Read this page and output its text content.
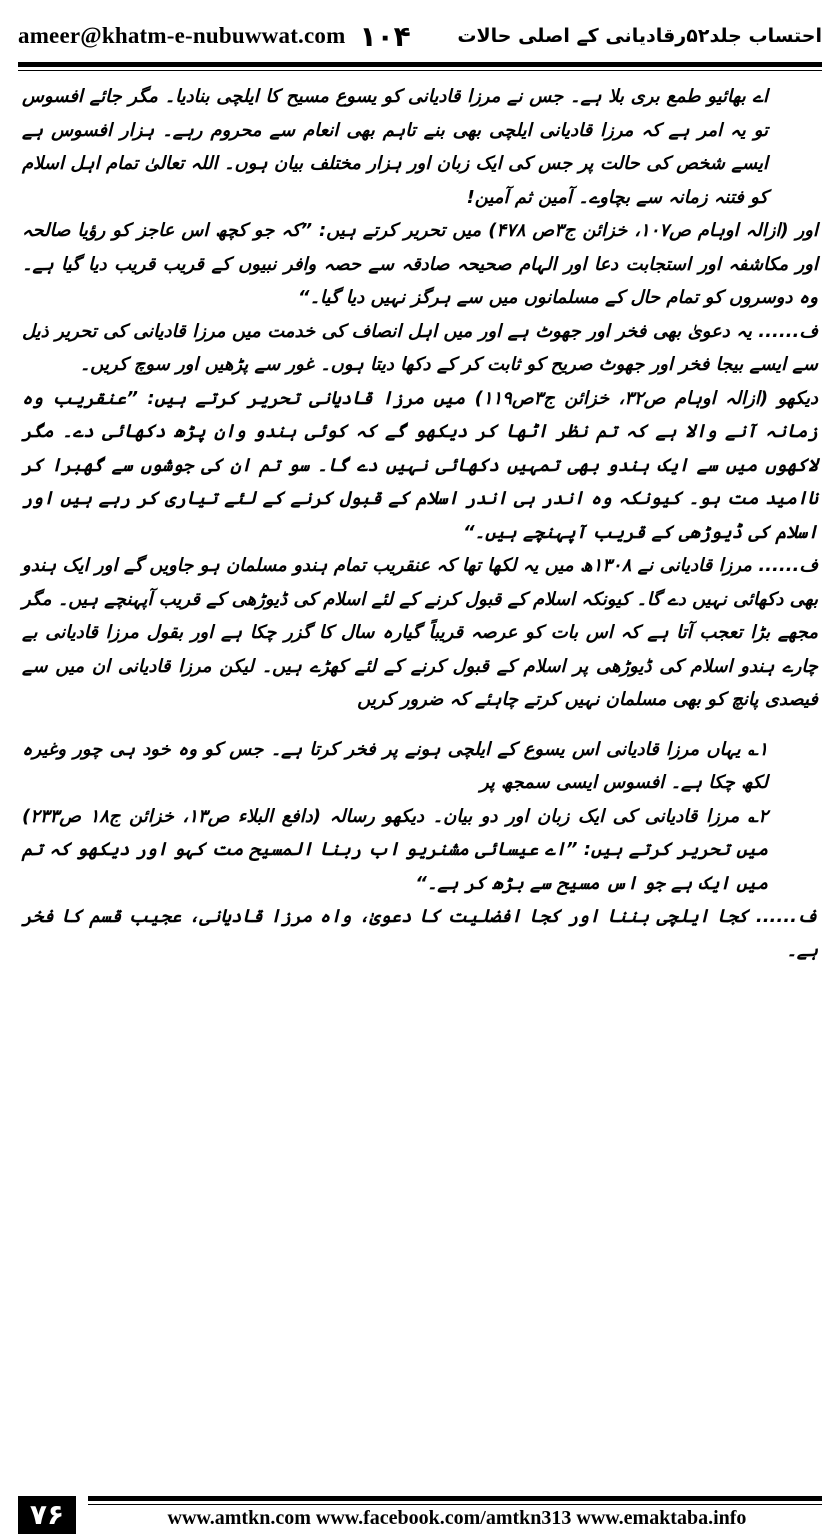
ameer@khatm-e-nubuwwat.com ۱۰۴ احتساب جلد۵۲رقادیانی کے اصلی حالات

اے بھائیو طمع بری بلا ہے۔ جس نے مرزا قادیانی کو یسوع مسیح کا ایلچی بنادیا۔ مگر جائے افسوس تو یہ امر ہے کہ مرزا قادیانی ایلچی بھی بنے تاہم بھی انعام سے محروم رہے۔ ہزار افسوس ہے ایسے شخص کی حالت پر جس کی ایک زبان اور ہزار مختلف بیان ہوں۔ اللہ تعالیٰ تمام اہل اسلام کو فتنہ زمانہ سے بچاوے۔ آمین ثم آمین!

اور (ازالہ اوہام ص۱۰۷، خزائن ج۳ص ۴۷۸) میں تحریر کرتے ہیں: ”کہ جو کچھ اس عاجز کو رؤیا صالحہ اور مکاشفہ اور استجابت دعا اور الہام صحیحہ صادقہ سے حصہ وافر نبیوں کے قریب قریب دیا گیا ہے۔ وہ دوسروں کو تمام حال کے مسلمانوں میں سے ہرگز نہیں دیا گیا۔“

ف...... یہ دعویٰ بھی فخر اور جھوٹ ہے اور میں اہل انصاف کی خدمت میں مرزا قادیانی کی تحریر ذیل سے ایسے بیجا فخر اور جھوٹ صریح کو ثابت کر کے دکھا دیتا ہوں۔ غور سے پڑھیں اور سوچ کریں۔

دیکھو (ازالہ اوہام ص۳۲، خزائن ج۳ص۱۱۹) میں مرزا قادیانی تحریر کرتے ہیں: ”عنقریب وہ زمانہ آنے والا ہے کہ تم نظر اٹھا کر دیکھو گے کہ کوئی ہندو وان پڑھ دکھائی دے۔ مگر لاکھوں میں سے ایک ہندو بھی تمہیں دکھائی نہیں دے گا۔ سو تم ان کی جوشوں سے گھبرا کر ناامید مت ہو۔ کیونکہ وہ اندر ہی اندر اسلام کے قبول کرنے کے لئے تیاری کر رہے ہیں اور اسلام کی ڈیوڑھی کے قریب آپہنچے ہیں۔“

ف...... مرزا قادیانی نے ۱۳۰۸ھ میں یہ لکھا تھا کہ عنقریب تمام ہندو مسلمان ہو جاویں گے اور ایک ہندو بھی دکھائی نہیں دے گا۔ کیونکہ اسلام کے قبول کرنے کے لئے اسلام کی ڈیوڑھی کے قریب آپہنچے ہیں۔ مگر مجھے بڑا تعجب آتا ہے کہ اس بات کو عرصہ قریباً گیارہ سال کا گزر چکا ہے اور بقول مرزا قادیانی بے چارے ہندو اسلام کی ڈیوڑھی پر اسلام کے قبول کرنے کے لئے کھڑے ہیں۔ لیکن مرزا قادیانی ان میں سے فیصدی پانچ کو بھی مسلمان نہیں کرتے چاہئے کہ ضرور کریں

۱؎ یہاں مرزا قادیانی اس یسوع کے ایلچی ہونے پر فخر کرتا ہے۔ جس کو وہ خود ہی چور وغیرہ لکھ چکا ہے۔ افسوس ایسی سمجھ پر

۲؎ مرزا قادیانی کی ایک زبان اور دو بیان۔ دیکھو رسالہ (دافع البلاء ص۱۳، خزائن ج۱۸ ص۲۳۳) میں تحریر کرتے ہیں: ”اے عیسائی مشنریو اب ربنا المسیح مت کہو اور دیکھو کہ تم میں ایک ہے جو اس مسیح سے بڑھ کر ہے۔“

ف...... کجا ایلچی بننا اور کجا افضلیت کا دعویٰ، واہ مرزا قادیانی، عجیب قسم کا فخر ہے۔

۷۶	www.amtkn.com www.facebook.com/amtkn313 www.emaktaba.info
